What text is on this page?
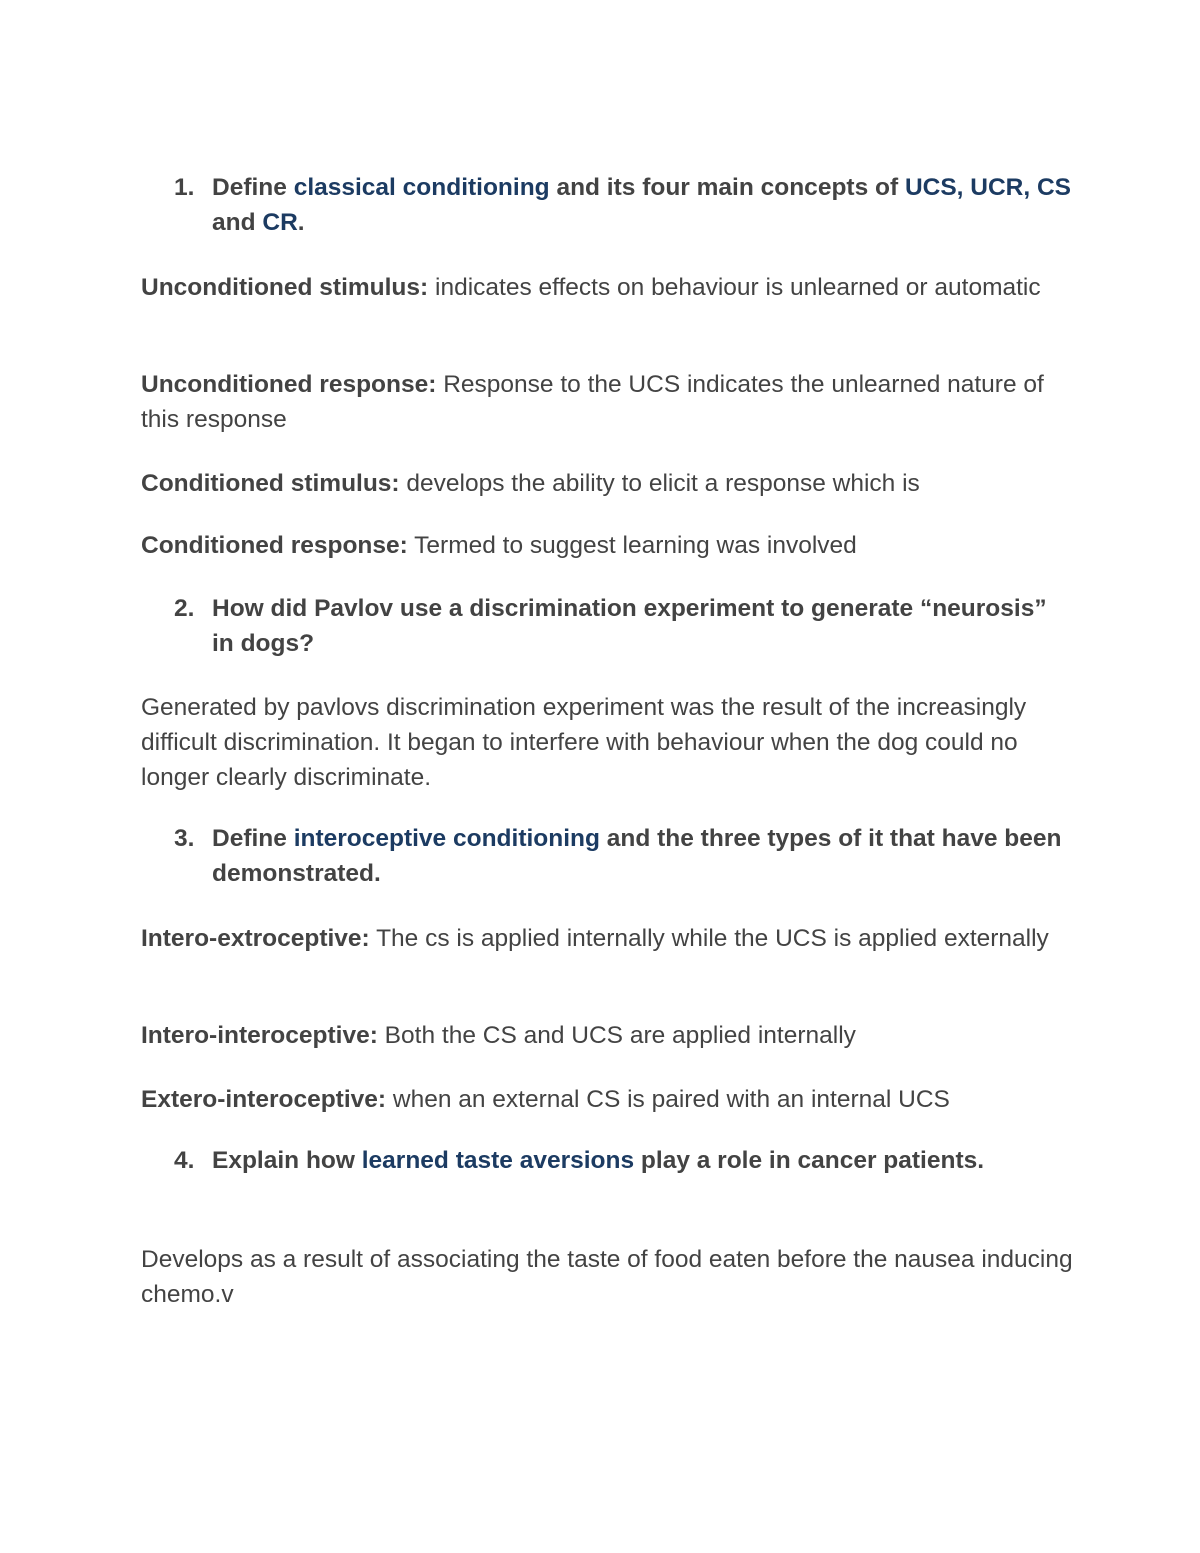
1. Define classical conditioning and its four main concepts of UCS, UCR, CS and CR.

Unconditioned stimulus: indicates effects on behaviour is unlearned or automatic

Unconditioned response: Response to the UCS indicates the unlearned nature of this response

Conditioned stimulus: develops the ability to elicit a response which is

Conditioned response: Termed to suggest learning was involved

2. How did Pavlov use a discrimination experiment to generate “neurosis” in dogs?

Generated by pavlovs discrimination experiment was the result of the increasingly difficult discrimination. It began to interfere with behaviour when the dog could no longer clearly discriminate.

3. Define interoceptive conditioning and the three types of it that have been demonstrated.

Intero-extroceptive: The cs is applied internally while the UCS is applied externally

Intero-interoceptive: Both the CS and UCS are applied internally

Extero-interoceptive: when an external CS is paired with an internal UCS

4. Explain how learned taste aversions play a role in cancer patients.

Develops as a result of associating the taste of food eaten before the nausea inducing chemo.v
